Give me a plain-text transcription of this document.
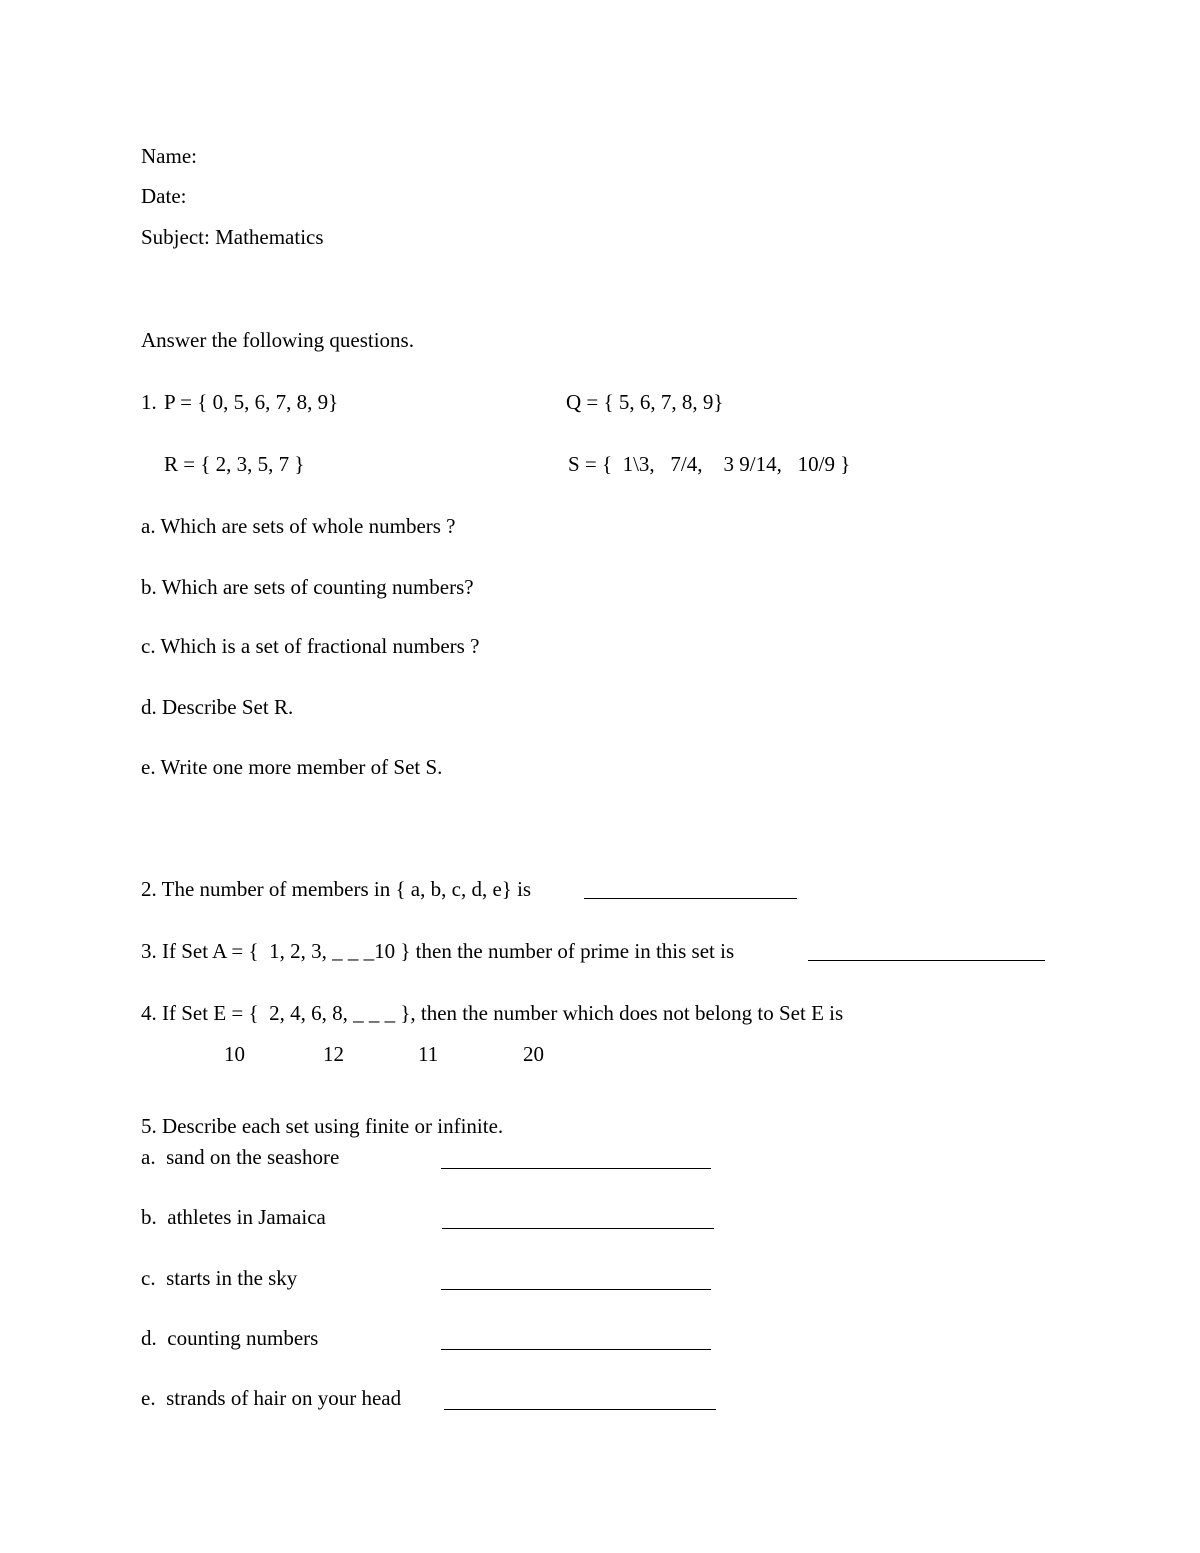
Name:
Date:
Subject: Mathematics
Answer the following questions.
1. P = { 0, 5, 6, 7, 8, 9}	Q = { 5, 6, 7, 8, 9}
R = { 2, 3, 5, 7 }	S = {  1\3,   7/4,    3 9/14,   10/9 }
a. Which are sets of whole numbers ?
b. Which are sets of counting numbers?
c. Which is a set of fractional numbers ?
d. Describe Set R.
e. Write one more member of Set S.
2. The number of members in { a, b, c, d, e} is
3. If Set A = {  1, 2, 3, _ _ _10 } then the number of prime in this set is
4. If Set E = {  2, 4, 6, 8, _ _ _ }, then the number which does not belong to Set E is
10	12	11	20
5. Describe each set using finite or infinite.
a.  sand on the seashore
b.  athletes in Jamaica
c.  starts in the sky
d.  counting numbers
e.  strands of hair on your head
